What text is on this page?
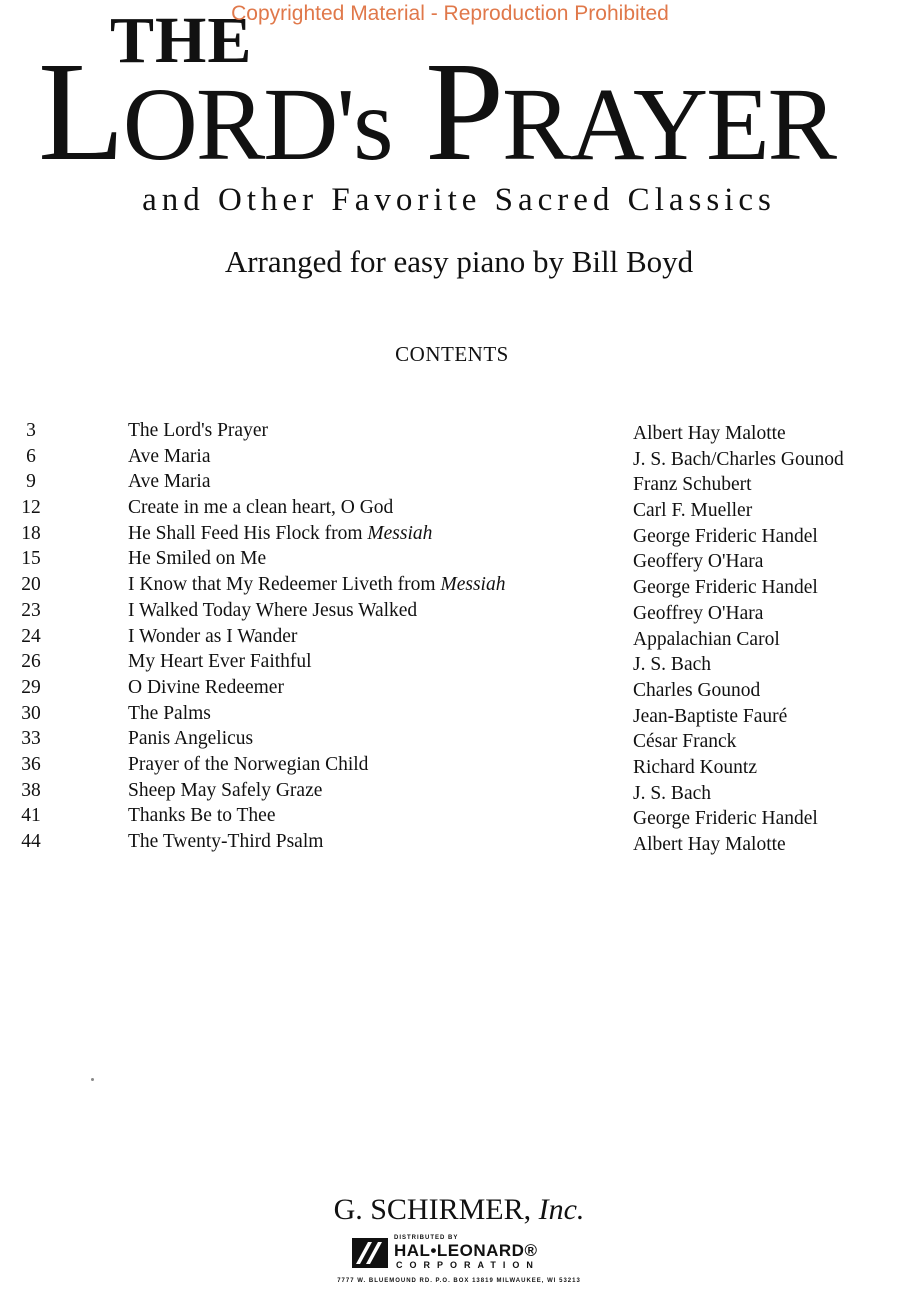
Copyrighted Material - Reproduction Prohibited
THE
LORD's PRAYER
and Other Favorite Sacred Classics
Arranged for easy piano by Bill Boyd
CONTENTS
3	The Lord's Prayer	Albert Hay Malotte
6	Ave Maria	J. S. Bach/Charles Gounod
9	Ave Maria	Franz Schubert
12	Create in me a clean heart, O God	Carl F. Mueller
18	He Shall Feed His Flock from Messiah	George Frideric Handel
15	He Smiled on Me	Geoffery O'Hara
20	I Know that My Redeemer Liveth from Messiah	George Frideric Handel
23	I Walked Today Where Jesus Walked	Geoffrey O'Hara
24	I Wonder as I Wander	Appalachian Carol
26	My Heart Ever Faithful	J. S. Bach
29	O Divine Redeemer	Charles Gounod
30	The Palms	Jean-Baptiste Fauré
33	Panis Angelicus	César Franck
36	Prayer of the Norwegian Child	Richard Kountz
38	Sheep May Safely Graze	J. S. Bach
41	Thanks Be to Thee	George Frideric Handel
44	The Twenty-Third Psalm	Albert Hay Malotte
G. SCHIRMER, Inc.
DISTRIBUTED BY
HAL•LEONARD®
CORPORATION
7777 W. BLUEMOUND RD. P.O. BOX 13819 MILWAUKEE, WI 53213
